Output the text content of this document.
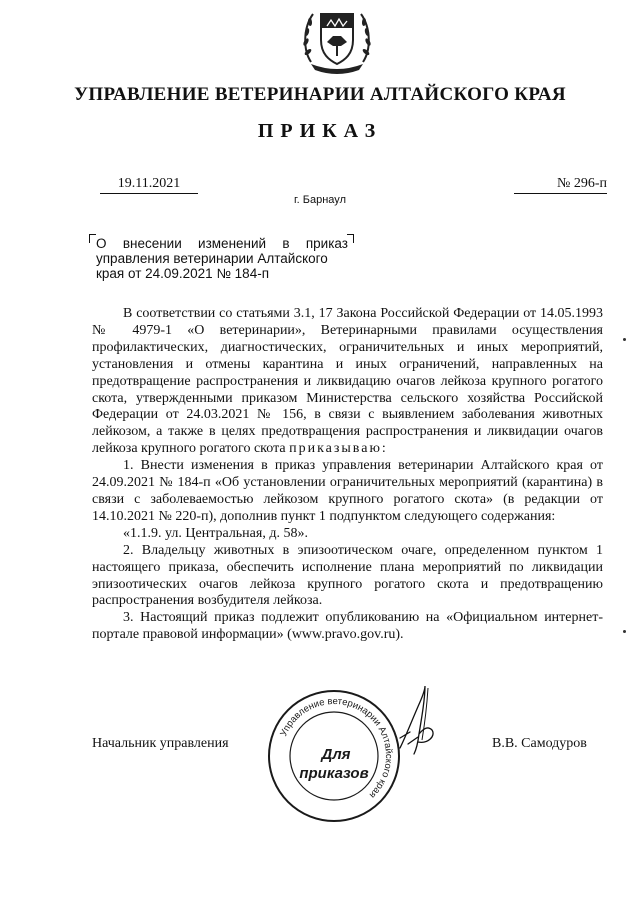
УПРАВЛЕНИЕ ВЕТЕРИНАРИИ АЛТАЙСКОГО КРАЯ
ПРИКАЗ
19.11.2021	№ 296-п
г. Барнаул
О внесении изменений в приказ
управления ветеринарии Алтайского
края от 24.09.2021 № 184-п

В соответствии со статьями 3.1, 17 Закона Российской Федерации от 14.05.1993 № 4979-1 «О ветеринарии», Ветеринарными правилами осуществления профилактических, диагностических, ограничительных и иных мероприятий, установления и отмены карантина и иных ограничений, направленных на предотвращение распространения и ликвидацию очагов лейкоза крупного рогатого скота, утвержденными приказом Министерства сельского хозяйства Российской Федерации от 24.03.2021 № 156, в связи с выявлением заболевания животных лейкозом, а также в целях предотвращения распространения и ликвидации очагов лейкоза крупного рогатого скота приказываю:

1. Внести изменения в приказ управления ветеринарии Алтайского края от 24.09.2021 № 184-п «Об установлении ограничительных мероприятий (карантина) в связи с заболеваемостью лейкозом крупного рогатого скота» (в редакции от 14.10.2021 № 220-п), дополнив пункт 1 подпунктом следующего содержания:

«1.1.9. ул. Центральная, д. 58».

2. Владельцу животных в эпизоотическом очаге, определенном пунктом 1 настоящего приказа, обеспечить исполнение плана мероприятий по ликвидации эпизоотических очагов лейкоза крупного рогатого скота и предотвращению распространения возбудителя лейкоза.

3. Настоящий приказ подлежит опубликованию на «Официальном интернет-портале правовой информации» (www.pravo.gov.ru).

Начальник управления	В.В. Самодуров
Управление ветеринарии Алтайского края
Для
приказов
